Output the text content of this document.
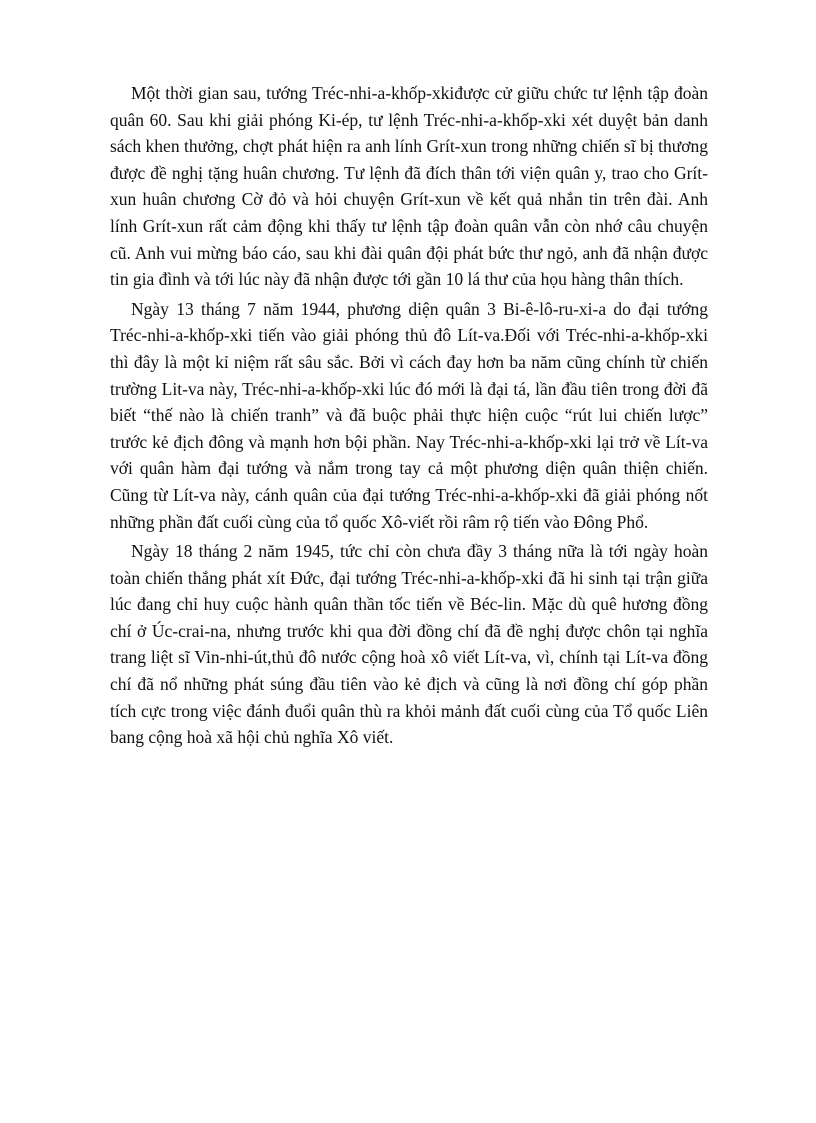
Một thời gian sau, tướng Tréc-nhi-a-khốp-xkiđược cử giữu chức tư lệnh tập đoàn quân 60. Sau khi giải phóng Ki-ép, tư lệnh Tréc-nhi-a-khốp-xki xét duyệt bản danh sách khen thưởng, chợt phát hiện ra anh lính Grít-xun trong những chiến sĩ bị thương được đề nghị tặng huân chương. Tư lệnh đã đích thân tới viện quân y, trao cho Grít-xun huân chương Cờ đỏ và hỏi chuyện Grít-xun về kết quả nhắn tin trên đài. Anh lính Grít-xun rất cảm động khi thấy tư lệnh tập đoàn quân vẫn còn nhớ câu chuyện cũ. Anh vui mừng báo cáo, sau khi đài quân đội phát bức thư ngỏ, anh đã nhận được tin gia đình và tới lúc này đã nhận được tới gần 10 lá thư của họu hàng thân thích.

Ngày 13 tháng 7 năm 1944, phương diện quân 3 Bi-ê-lô-ru-xi-a do đại tướng Tréc-nhi-a-khốp-xki tiến vào giải phóng thủ đô Lít-va.Đối với Tréc-nhi-a-khốp-xki thì đây là một kỉ niệm rất sâu sắc. Bởi vì cách đay hơn ba năm cũng chính từ chiến trường Lit-va này, Tréc-nhi-a-khốp-xki lúc đó mới là đại tá, lần đầu tiên trong đời đã biết “thế nào là chiến tranh” và đã buộc phải thực hiện cuộc “rút lui chiến lược” trước kẻ địch đông và mạnh hơn bội phần. Nay Tréc-nhi-a-khốp-xki lại trở về Lít-va với quân hàm đại tướng và nắm trong tay cả một phương diện quân thiện chiến. Cũng từ Lít-va này, cánh quân của đại tướng Tréc-nhi-a-khốp-xki đã giải phóng nốt những phần đất cuối cùng của tổ quốc Xô-viết rồi râm rộ tiến vào Đông Phổ.

Ngày 18 tháng 2 năm 1945, tức chỉ còn chưa đầy 3 tháng nữa là tới ngày hoàn toàn chiến thắng phát xít Đức, đại tướng Tréc-nhi-a-khốp-xki đã hi sinh tại trận giữa lúc đang chỉ huy cuộc hành quân thần tốc tiến về Béc-lin. Mặc dù quê hương đồng chí ở Úc-crai-na, nhưng trước khi qua đời đồng chí đã đề nghị được chôn tại nghĩa trang liệt sĩ Vin-nhi-út,thủ đô nước cộng hoà xô viết Lít-va, vì, chính tại Lít-va đồng chí đã nổ những phát súng đầu tiên vào kẻ địch và cũng là nơi đồng chí góp phần tích cực trong việc đánh đuổi quân thù ra khỏi mảnh đất cuối cùng của Tổ quốc Liên bang cộng hoà xã hội chủ nghĩa Xô viết.
